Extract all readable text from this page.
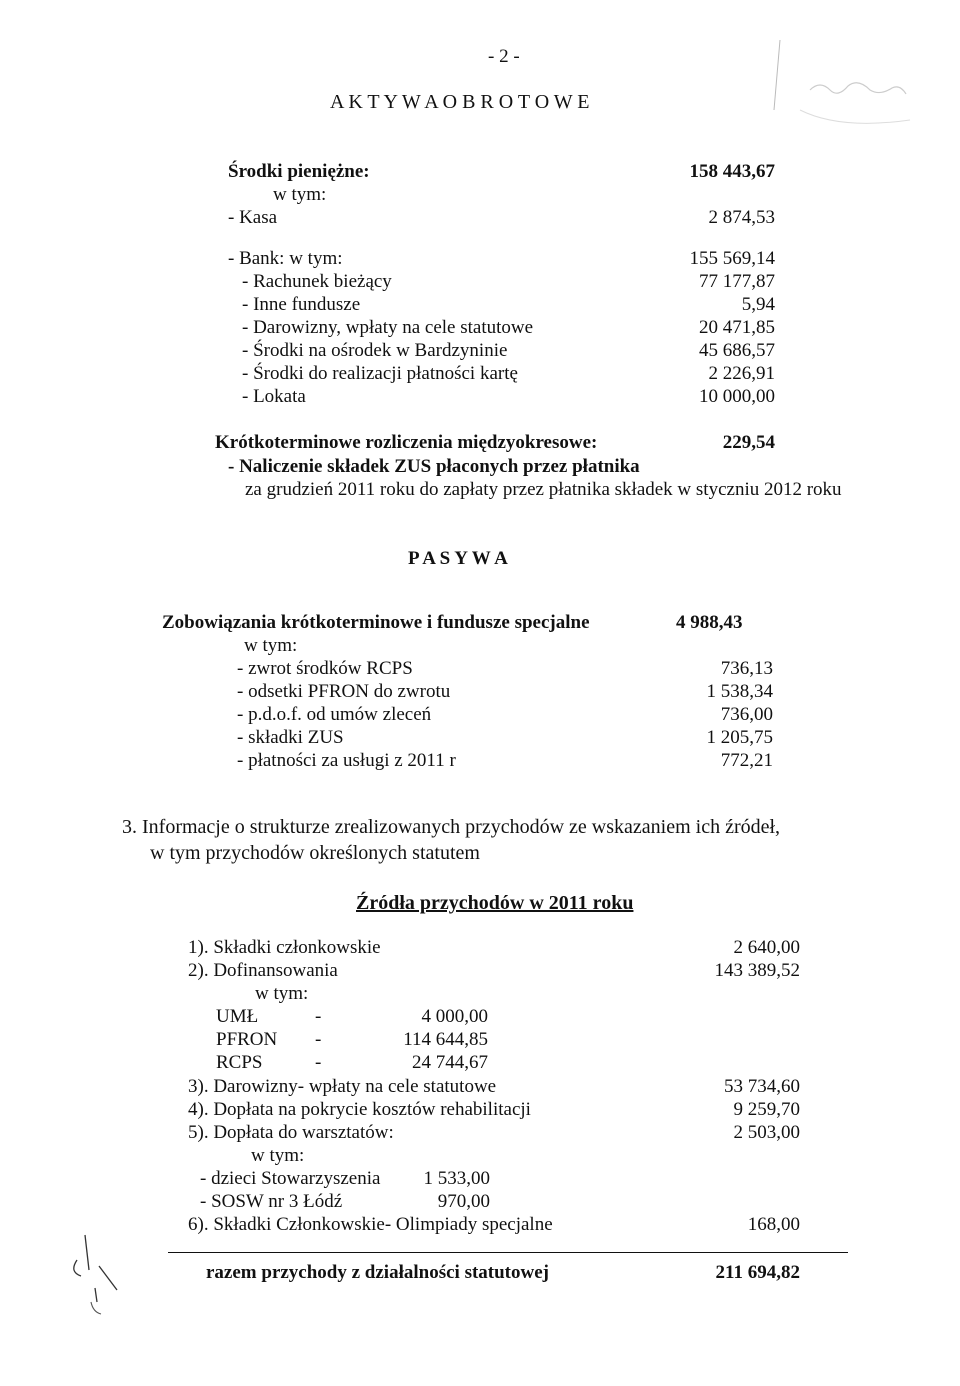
- 2 -
A K T Y W A O B R O T O W E
Środki pieniężne:	158 443,67
w tym:
- Kasa	2 874,53
- Bank: w tym:	155 569,14
- Rachunek bieżący	77 177,87
- Inne fundusze	5,94
- Darowizny, wpłaty na cele statutowe	20 471,85
- Środki na ośrodek w Bardzyninie	45 686,57
- Środki do realizacji płatności kartę	2 226,91
- Lokata	10 000,00
Krótkoterminowe rozliczenia międzyokresowe:	229,54
- Naliczenie składek ZUS płaconych przez płatnika
za grudzień 2011 roku do zapłaty przez płatnika składek w styczniu 2012 roku
P A S Y W A
Zobowiązania krótkoterminowe i fundusze specjalne	4 988,43
w tym:
- zwrot środków RCPS	736,13
- odsetki PFRON do zwrotu	1 538,34
- p.d.o.f. od umów zleceń	736,00
- składki ZUS	1 205,75
- płatności za usługi z 2011 r	772,21
3. Informacje o strukturze zrealizowanych przychodów ze wskazaniem ich źródeł,
w tym przychodów określonych statutem
Źródła przychodów w 2011 roku
1). Składki członkowskie	2 640,00
2). Dofinansowania	143 389,52
w tym:
UMŁ	-	4 000,00
PFRON -	114 644,85
RCPS	-	24 744,67
3). Darowizny- wpłaty na cele statutowe	53 734,60
4). Dopłata na pokrycie kosztów rehabilitacji	9 259,70
5). Dopłata do warsztatów:	2 503,00
w tym:
- dzieci Stowarzyszenia 1 533,00
- SOSW nr 3 Łódź	970,00
6). Składki Członkowskie- Olimpiady specjalne	168,00
razem przychody z działalności statutowej	211 694,82
